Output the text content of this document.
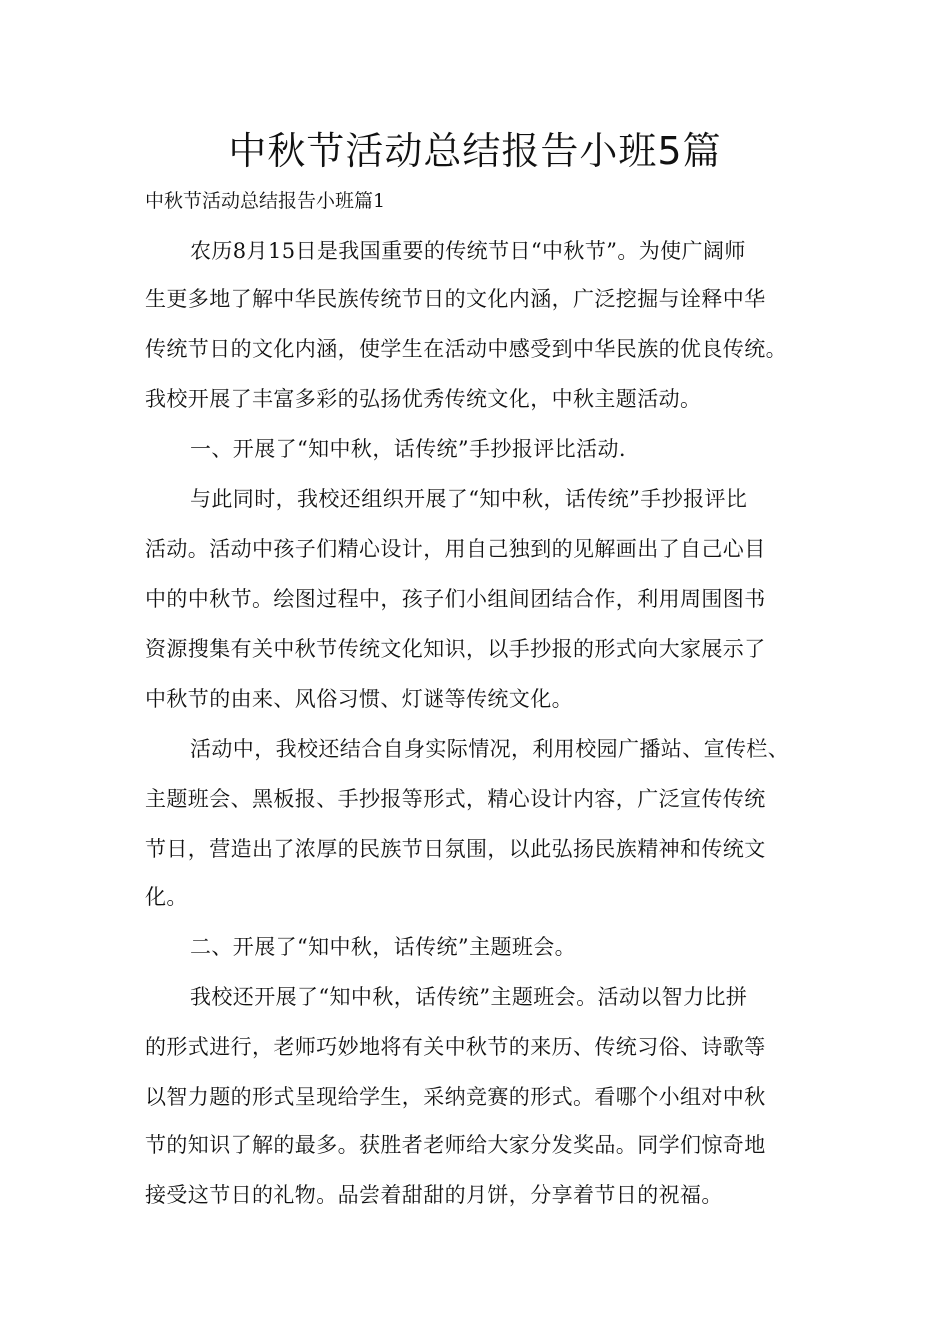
中秋节活动总结报告小班5篇

中秋节活动总结报告小班篇1

农历8月15日是我国重要的传统节日“中秋节”。为使广阔师

生更多地了解中华民族传统节日的文化内涵，广泛挖掘与诠释中华

传统节日的文化内涵，使学生在活动中感受到中华民族的优良传统。

我校开展了丰富多彩的弘扬优秀传统文化，中秋主题活动。

一、开展了“知中秋，话传统”手抄报评比活动.

与此同时，我校还组织开展了“知中秋，话传统”手抄报评比

活动。活动中孩子们精心设计，用自己独到的见解画出了自己心目

中的中秋节。绘图过程中，孩子们小组间团结合作，利用周围图书

资源搜集有关中秋节传统文化知识，以手抄报的形式向大家展示了

中秋节的由来、风俗习惯、灯谜等传统文化。

活动中，我校还结合自身实际情况，利用校园广播站、宣传栏、

主题班会、黑板报、手抄报等形式，精心设计内容，广泛宣传传统

节日，营造出了浓厚的民族节日氛围，以此弘扬民族精神和传统文

化。

二、开展了“知中秋，话传统”主题班会。

我校还开展了“知中秋，话传统”主题班会。活动以智力比拼

的形式进行，老师巧妙地将有关中秋节的来历、传统习俗、诗歌等

以智力题的形式呈现给学生，采纳竞赛的形式。看哪个小组对中秋

节的知识了解的最多。获胜者老师给大家分发奖品。同学们惊奇地

接受这节日的礼物。品尝着甜甜的月饼，分享着节日的祝福。
